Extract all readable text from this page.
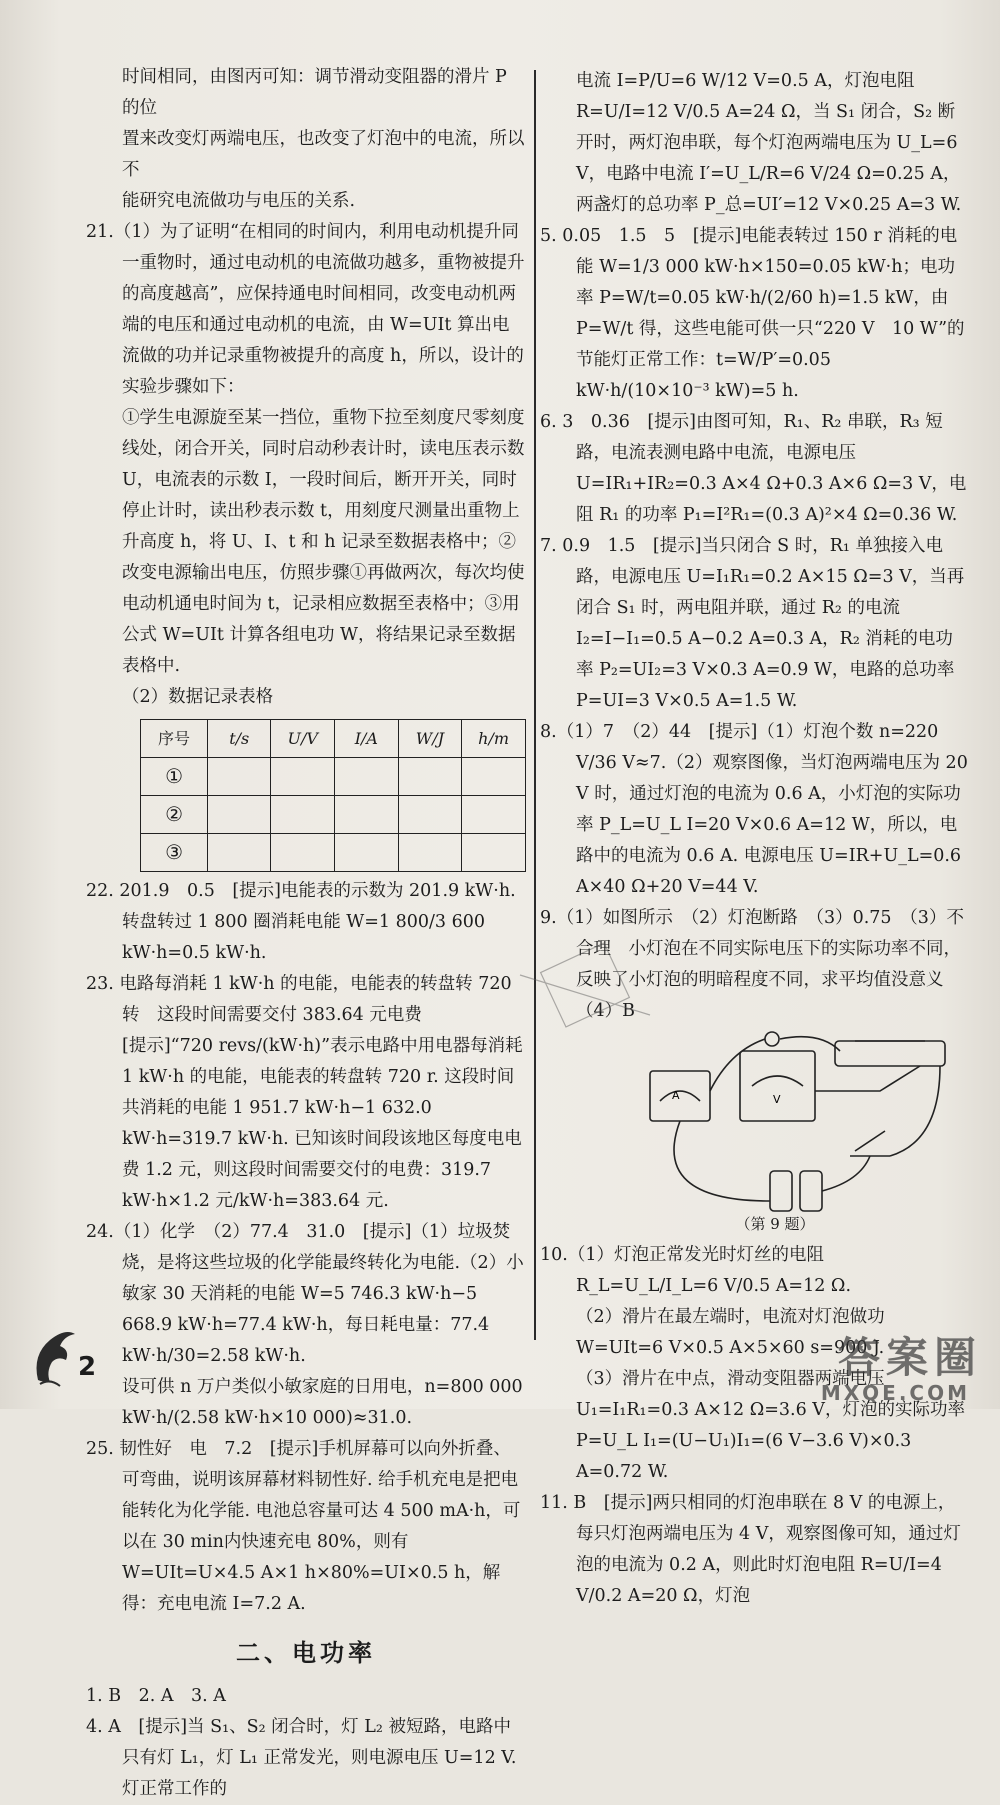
时间相同，由图丙可知：调节滑动变阻器的滑片 P 的位

置来改变灯两端电压，也改变了灯泡中的电流，所以不

能研究电流做功与电压的关系.

21.（1）为了证明“在相同的时间内，利用电动机提升同一重物时，通过电动机的电流做功越多，重物被提升的高度越高”，应保持通电时间相同，改变电动机两端的电压和通过电动机的电流，由 W=UIt 算出电流做的功并记录重物被提升的高度 h，所以，设计的实验步骤如下：

①学生电源旋至某一挡位，重物下拉至刻度尺零刻度线处，闭合开关，同时启动秒表计时，读电压表示数 U，电流表的示数 I，一段时间后，断开开关，同时停止计时，读出秒表示数 t，用刻度尺测量出重物上升高度 h，将 U、I、t 和 h 记录至数据表格中；②改变电源输出电压，仿照步骤①再做两次，每次均使电动机通电时间为 t，记录相应数据至表格中；③用公式 W=UIt 计算各组电功 W，将结果记录至数据表格中.

（2）数据记录表格

序号	t/s	U/V	I/A	W/J	h/m
①					
②					
③					

22. 201.9　0.5　[提示]电能表的示数为 201.9 kW·h. 转盘转过 1 800 圈消耗电能 W=1 800/3 600 kW·h=0.5 kW·h.

23. 电路每消耗 1 kW·h 的电能，电能表的转盘转 720 转　这段时间需要交付 383.64 元电费

[提示]“720 revs/(kW·h)”表示电路中用电器每消耗 1 kW·h 的电能，电能表的转盘转 720 r. 这段时间共消耗的电能 1 951.7 kW·h−1 632.0 kW·h=319.7 kW·h. 已知该时间段该地区每度电电费 1.2 元，则这段时间需要交付的电费：319.7 kW·h×1.2 元/kW·h=383.64 元.

24.（1）化学　（2）77.4　31.0　[提示]（1）垃圾焚烧，是将这些垃圾的化学能最终转化为电能.（2）小敏家 30 天消耗的电能 W=5 746.3 kW·h−5 668.9 kW·h=77.4 kW·h，每日耗电量：77.4 kW·h/30=2.58 kW·h.

设可供 n 万户类似小敏家庭的日用电，n=800 000 kW·h/(2.58 kW·h×10 000)≈31.0.

25. 韧性好　电　7.2　[提示]手机屏幕可以向外折叠、可弯曲，说明该屏幕材料韧性好. 给手机充电是把电能转化为化学能. 电池总容量可达 4 500 mA·h，可以在 30 min内快速充电 80%，则有 W=UIt=U×4.5 A×1 h×80%=UI×0.5 h，解得：充电电流 I=7.2 A.

二、电功率

1. B　2. A　3. A

4. A　[提示]当 S₁、S₂ 闭合时，灯 L₂ 被短路，电路中只有灯 L₁，灯 L₁ 正常发光，则电源电压 U=12 V. 灯正常工作的

电流 I=P/U=6 W/12 V=0.5 A，灯泡电阻 R=U/I=12 V/0.5 A=24 Ω，当 S₁ 闭合，S₂ 断开时，两灯泡串联，每个灯泡两端电压为 U_L=6 V，电路中电流 I′=U_L/R=6 V/24 Ω=0.25 A，两盏灯的总功率 P_总=UI′=12 V×0.25 A=3 W.

5. 0.05　1.5　5　[提示]电能表转过 150 r 消耗的电能 W=1/3 000 kW·h×150=0.05 kW·h；电功率 P=W/t=0.05 kW·h/(2/60 h)=1.5 kW，由 P=W/t 得，这些电能可供一只“220 V　10 W”的节能灯正常工作：t=W/P′=0.05 kW·h/(10×10⁻³ kW)=5 h.

6. 3　0.36　[提示]由图可知，R₁、R₂ 串联，R₃ 短路，电流表测电路中电流，电源电压 U=IR₁+IR₂=0.3 A×4 Ω+0.3 A×6 Ω=3 V，电阻 R₁ 的功率 P₁=I²R₁=(0.3 A)²×4 Ω=0.36 W.

7. 0.9　1.5　[提示]当只闭合 S 时，R₁ 单独接入电路，电源电压 U=I₁R₁=0.2 A×15 Ω=3 V，当再闭合 S₁ 时，两电阻并联，通过 R₂ 的电流 I₂=I−I₁=0.5 A−0.2 A=0.3 A，R₂ 消耗的电功率 P₂=UI₂=3 V×0.3 A=0.9 W，电路的总功率 P=UI=3 V×0.5 A=1.5 W.

8.（1）7　（2）44　[提示]（1）灯泡个数 n=220 V/36 V≈7.（2）观察图像，当灯泡两端电压为 20 V 时，通过灯泡的电流为 0.6 A，小灯泡的实际功率 P_L=U_L I=20 V×0.6 A=12 W，所以，电路中的电流为 0.6 A. 电源电压 U=IR+U_L=0.6 A×40 Ω+20 V=44 V.

9.（1）如图所示　（2）灯泡断路　（3）0.75　（3）不合理　小灯泡在不同实际电压下的实际功率不同，反映了小灯泡的明暗程度不同，求平均值没意义　（4）B

A	V
（第 9 题）

10.（1）灯泡正常发光时灯丝的电阻 R_L=U_L/I_L=6 V/0.5 A=12 Ω.

（2）滑片在最左端时，电流对灯泡做功 W=UIt=6 V×0.5 A×5×60 s=900 J.

（3）滑片在中点，滑动变阻器两端电压 U₁=I₁R₁=0.3 A×12 Ω=3.6 V，灯泡的实际功率 P=U_L I₁=(U−U₁)I₁=(6 V−3.6 V)×0.3 A=0.72 W.

11. B　[提示]两只相同的灯泡串联在 8 V 的电源上，每只灯泡两端电压为 4 V，观察图像可知，通过灯泡的电流为 0.2 A，则此时灯泡电阻 R=U/I=4 V/0.2 A=20 Ω，灯泡

2	答案圈
MXQE.COM
